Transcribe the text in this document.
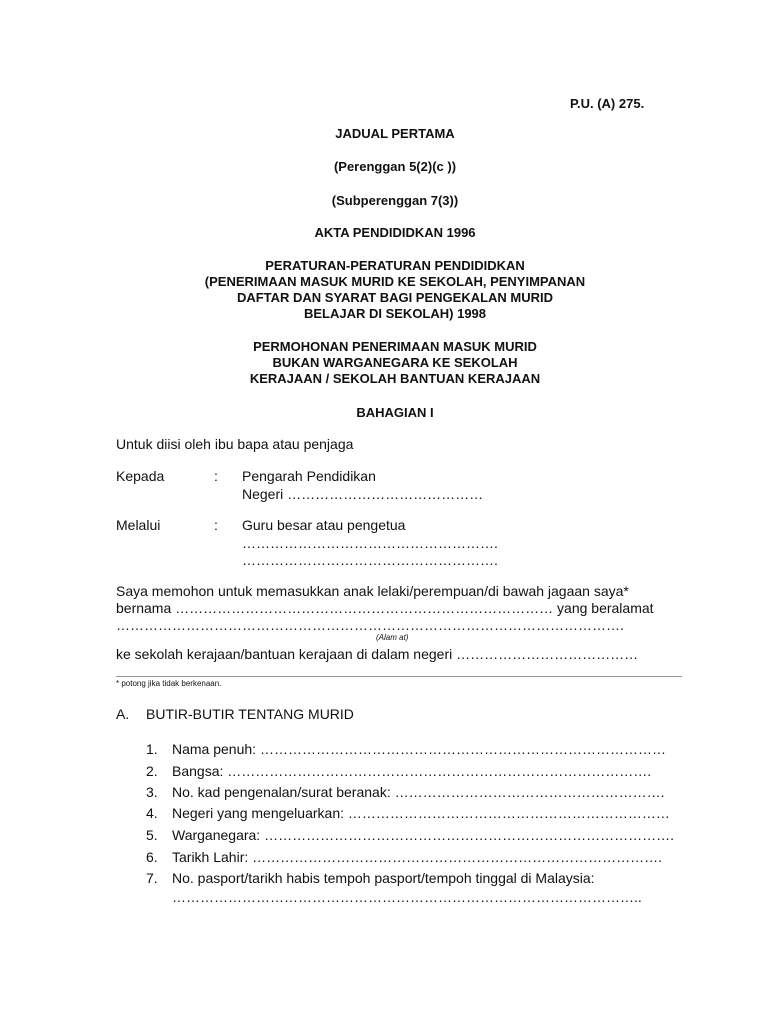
P.U. (A) 275.
JADUAL PERTAMA
(Perenggan 5(2)(c ))
(Subperenggan 7(3))
AKTA PENDIDIDKAN 1996
PERATURAN-PERATURAN PENDIDIDKAN
(PENERIMAAN MASUK MURID KE SEKOLAH, PENYIMPANAN
DAFTAR DAN SYARAT BAGI PENGEKALAN MURID
BELAJAR DI SEKOLAH) 1998
PERMOHONAN PENERIMAAN MASUK MURID
BUKAN WARGANEGARA KE SEKOLAH
KERAJAAN / SEKOLAH BANTUAN KERAJAAN
BAHAGIAN I
Untuk diisi oleh ibu bapa atau penjaga
Kepada	: Pengarah Pendidikan
Negeri ……………………………………
Melalui	: Guru besar atau pengetua
……………………………………………….
……………………………………………….
Saya memohon untuk memasukkan anak lelaki/perempuan/di bawah jagaan saya*
bernama ……………………………………………………………………… yang beralamat
……………………………………………………………………………………………….
(Alam at)
ke sekolah kerajaan/bantuan kerajaan di dalam negeri …………………………………
* potong jika tidak berkenaan.
A. BUTIR-BUTIR TENTANG MURID
1. Nama penuh: ……………………………………………………………………………
2. Bangsa: ……………………………………………………………………………….
3. No. kad pengenalan/surat beranak: ………………………………………………….
4. Negeri yang mengeluarkan: ……………………………………………………………
5. Warganegara: …………………………………………………………………………….
6. Tarikh Lahir: …………………………………………………………………………….
7. No. pasport/tarikh habis tempoh pasport/tempoh tinggal di Malaysia:
………………………………………………………………………………………..
